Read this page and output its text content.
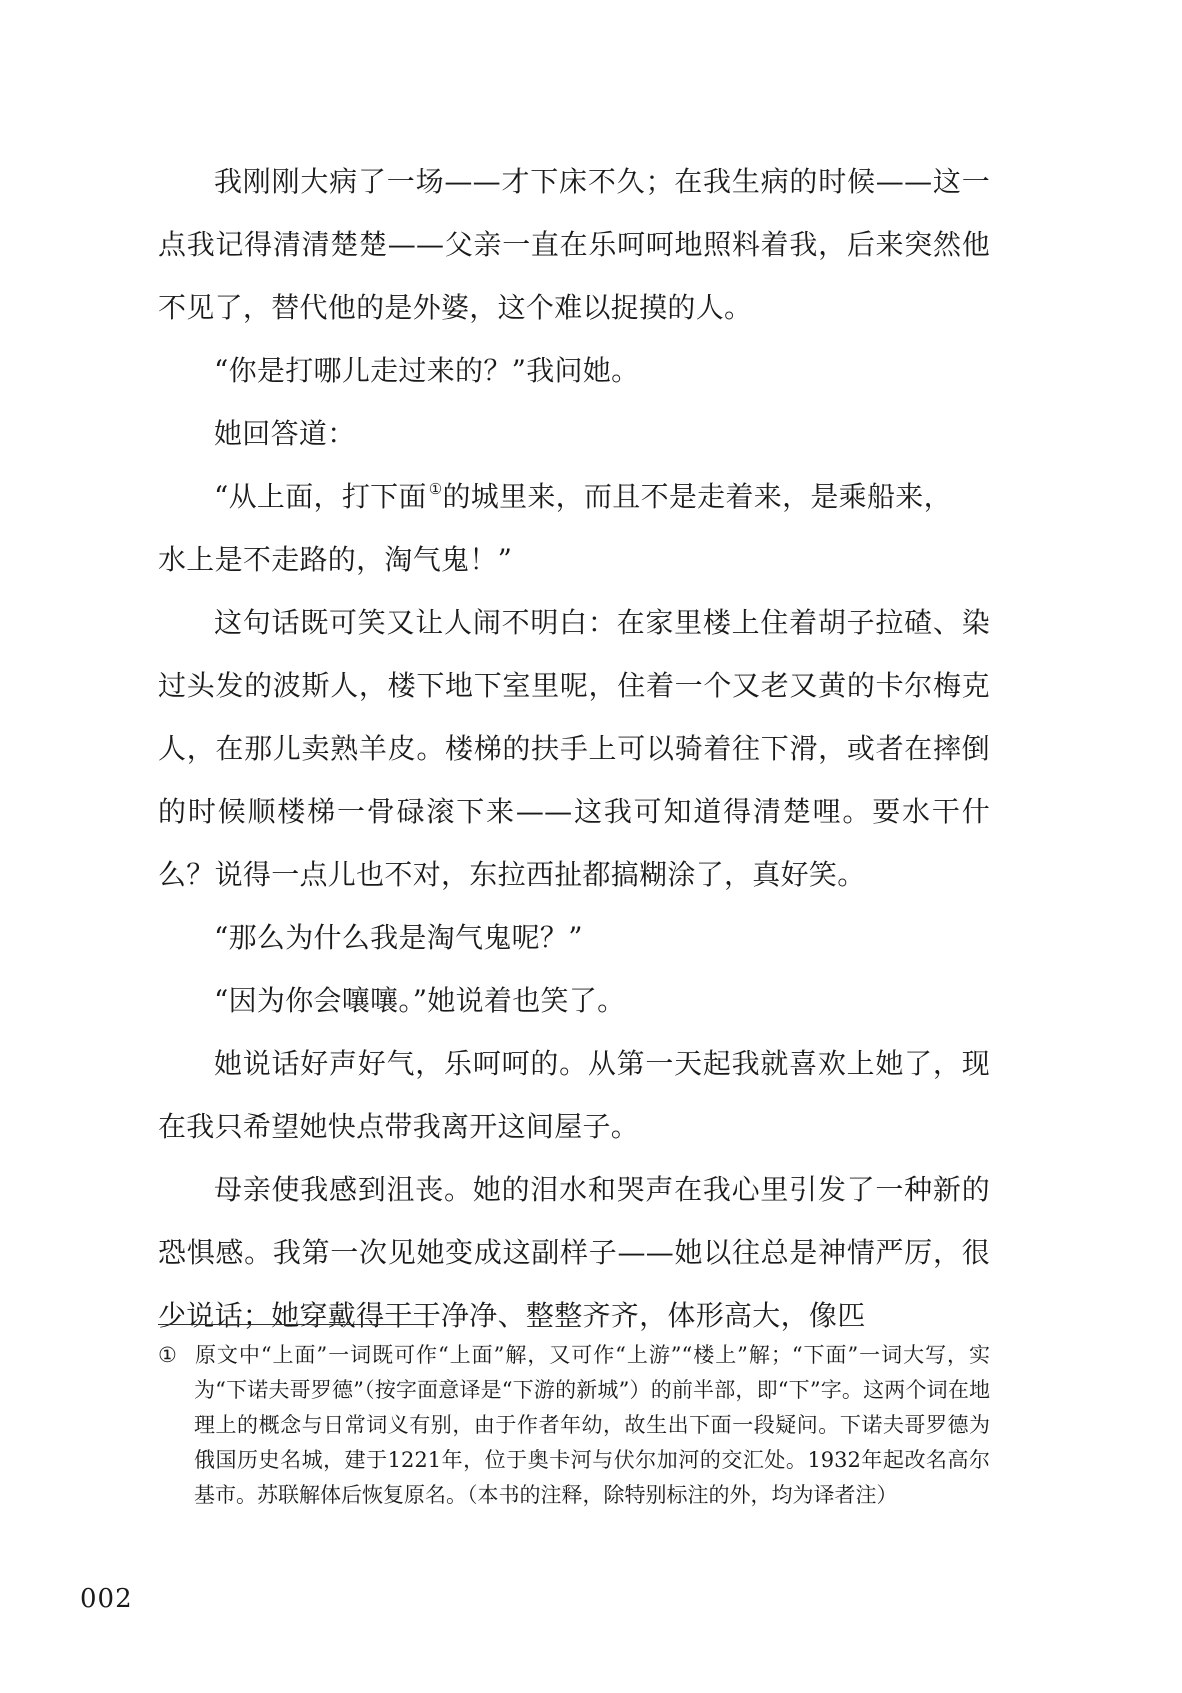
我刚刚大病了一场——才下床不久；在我生病的时候——这一点我记得清清楚楚——父亲一直在乐呵呵地照料着我，后来突然他不见了，替代他的是外婆，这个难以捉摸的人。

“你是打哪儿走过来的？”我问她。

她回答道：

“从上面，打下面 ①的城里来，而且不是走着来，是乘船来，
水上是不走路的，淘气鬼！”

这句话既可笑又让人闹不明白：在家里楼上住着胡子拉碴、染过头发的波斯人，楼下地下室里呢，住着一个又老又黄的卡尔梅克人，在那儿卖熟羊皮。楼梯的扶手上可以骑着往下滑，或者在摔倒的时候顺楼梯一骨碌滚下来——这我可知道得清楚哩。要水干什么？说得一点儿也不对，东拉西扯都搞糊涂了，真好笑。

“那么为什么我是淘气鬼呢？”

“因为你会嚷嚷。”她说着也笑了。

她说话好声好气，乐呵呵的。从第一天起我就喜欢上她了，现在我只希望她快点带我离开这间屋子。

母亲使我感到沮丧。她的泪水和哭声在我心里引发了一种新的恐惧感。我第一次见她变成这副样子——她以往总是神情严厉，很少说话；她穿戴得干干净净、整整齐齐，体形高大，像匹

① 原文中“上面”一词既可作“上面”解，又可作“上游”“楼上”解；“下面”一词大写，实为“下诺夫哥罗德”（按字面意译是“下游的新城”）的前半部，即“下”字。这两个词在地理上的概念与日常词义有别，由于作者年幼，故生出下面一段疑问。下诺夫哥罗德为俄国历史名城，建于1221年，位于奥卡河与伏尔加河的交汇处。1932年起改名高尔基市。苏联解体后恢复原名。（本书的注释，除特别标注的外，均为译者注）
002
